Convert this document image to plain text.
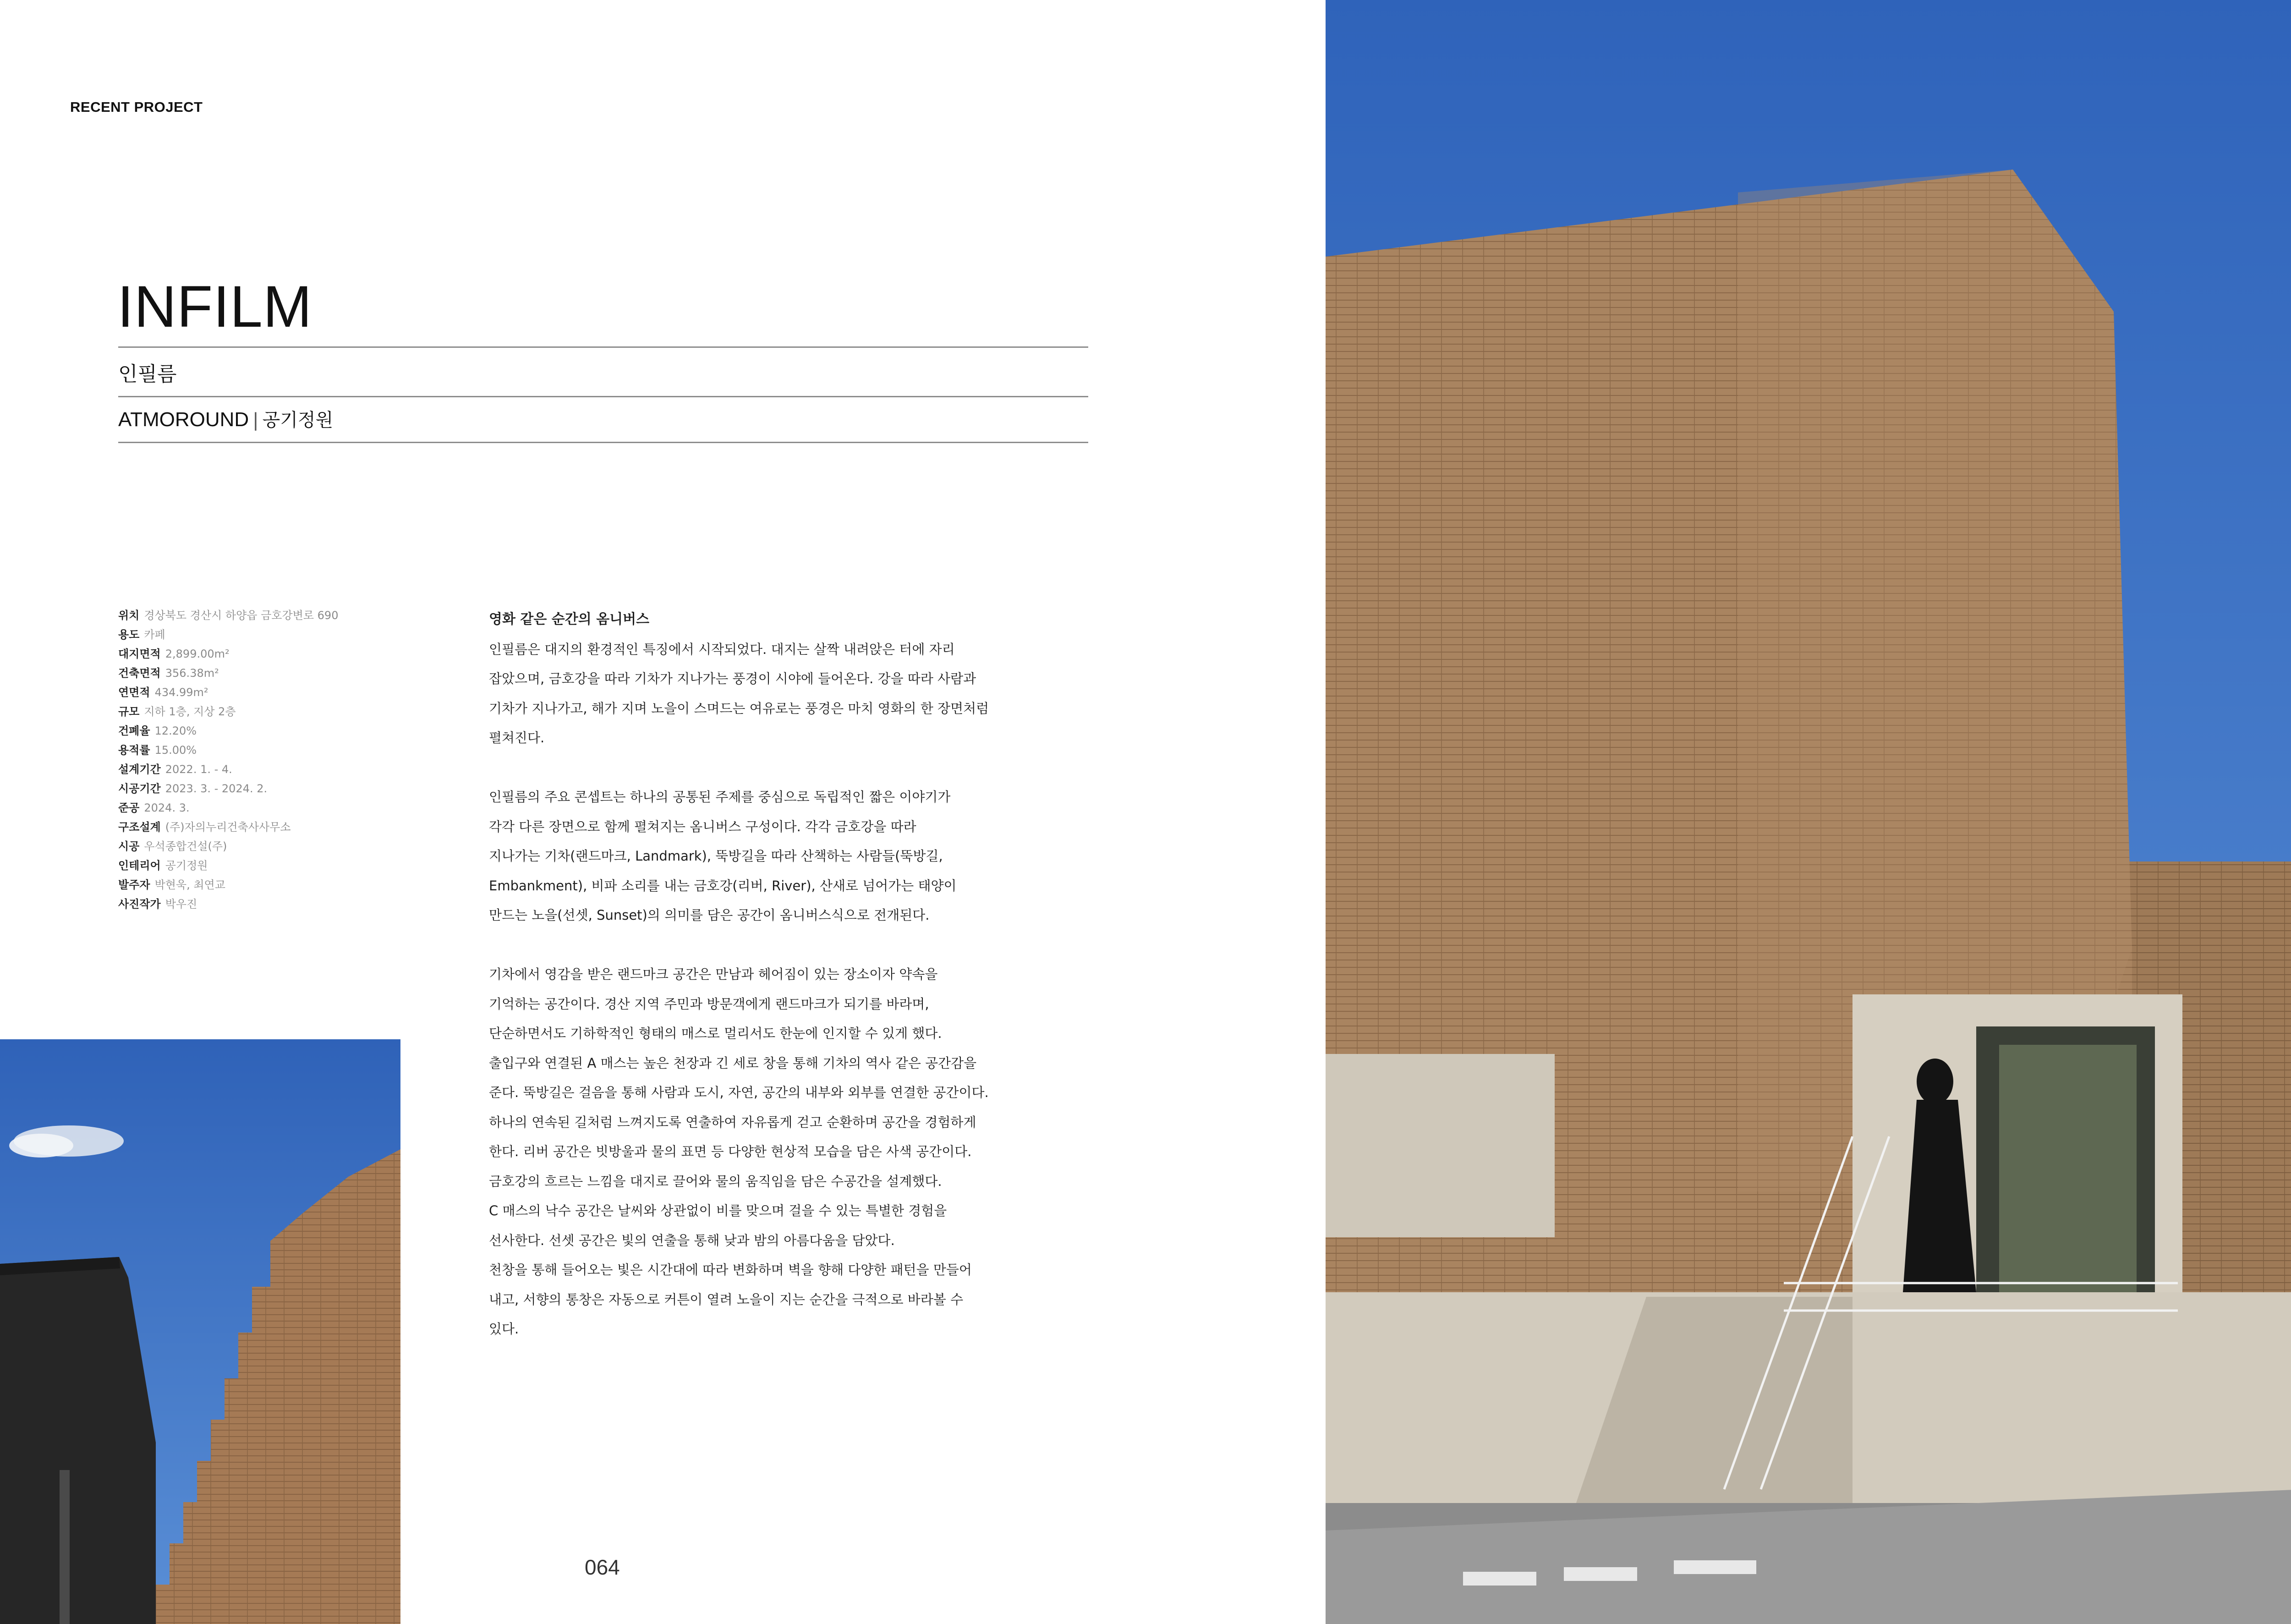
RECENT PROJECT
INFILM
인필름
ATMOROUND | 공기정원
위치 경상북도 경산시 하양읍 금호강변로 690
용도 카페
대지면적 2,899.00m²
건축면적 356.38m²
연면적 434.99m²
규모 지하 1층, 지상 2층
건폐율 12.20%
용적률 15.00%
설계기간 2022. 1. - 4.
시공기간 2023. 3. - 2024. 2.
준공 2024. 3.
구조설계 (주)자의누리건축사사무소
시공 우석종합건설(주)
인테리어 공기정원
발주자 박현욱, 최연교
사진작가 박우진
영화 같은 순간의 옴니버스

인필름은 대지의 환경적인 특징에서 시작되었다. 대지는 살짝 내려앉은 터에 자리
잡았으며, 금호강을 따라 기차가 지나가는 풍경이 시야에 들어온다. 강을 따라 사람과
기차가 지나가고, 해가 지며 노을이 스며드는 여유로는 풍경은 마치 영화의 한 장면처럼
펼쳐진다.

인필름의 주요 콘셉트는 하나의 공통된 주제를 중심으로 독립적인 짧은 이야기가
각각 다른 장면으로 함께 펼쳐지는 옴니버스 구성이다. 각각 금호강을 따라
지나가는 기차(랜드마크, Landmark), 뚝방길을 따라 산책하는 사람들(뚝방길,
Embankment), 비파 소리를 내는 금호강(리버, River), 산새로 넘어가는 태양이
만드는 노을(선셋, Sunset)의 의미를 담은 공간이 옴니버스식으로 전개된다.

기차에서 영감을 받은 랜드마크 공간은 만남과 헤어짐이 있는 장소이자 약속을
기억하는 공간이다. 경산 지역 주민과 방문객에게 랜드마크가 되기를 바라며,
단순하면서도 기하학적인 형태의 매스로 멀리서도 한눈에 인지할 수 있게 했다.
출입구와 연결된 A 매스는 높은 천장과 긴 세로 창을 통해 기차의 역사 같은 공간감을
준다. 뚝방길은 걸음을 통해 사람과 도시, 자연, 공간의 내부와 외부를 연결한 공간이다.
하나의 연속된 길처럼 느껴지도록 연출하여 자유롭게 걷고 순환하며 공간을 경험하게
한다. 리버 공간은 빗방울과 물의 표면 등 다양한 현상적 모습을 담은 사색 공간이다.
금호강의 흐르는 느낌을 대지로 끌어와 물의 움직임을 담은 수공간을 설계했다.
C 매스의 낙수 공간은 날씨와 상관없이 비를 맞으며 걸을 수 있는 특별한 경험을
선사한다. 선셋 공간은 빛의 연출을 통해 낮과 밤의 아름다움을 담았다.
천창을 통해 들어오는 빛은 시간대에 따라 변화하며 벽을 향해 다양한 패턴을 만들어
내고, 서향의 통창은 자동으로 커튼이 열려 노을이 지는 순간을 극적으로 바라볼 수
있다.

064
